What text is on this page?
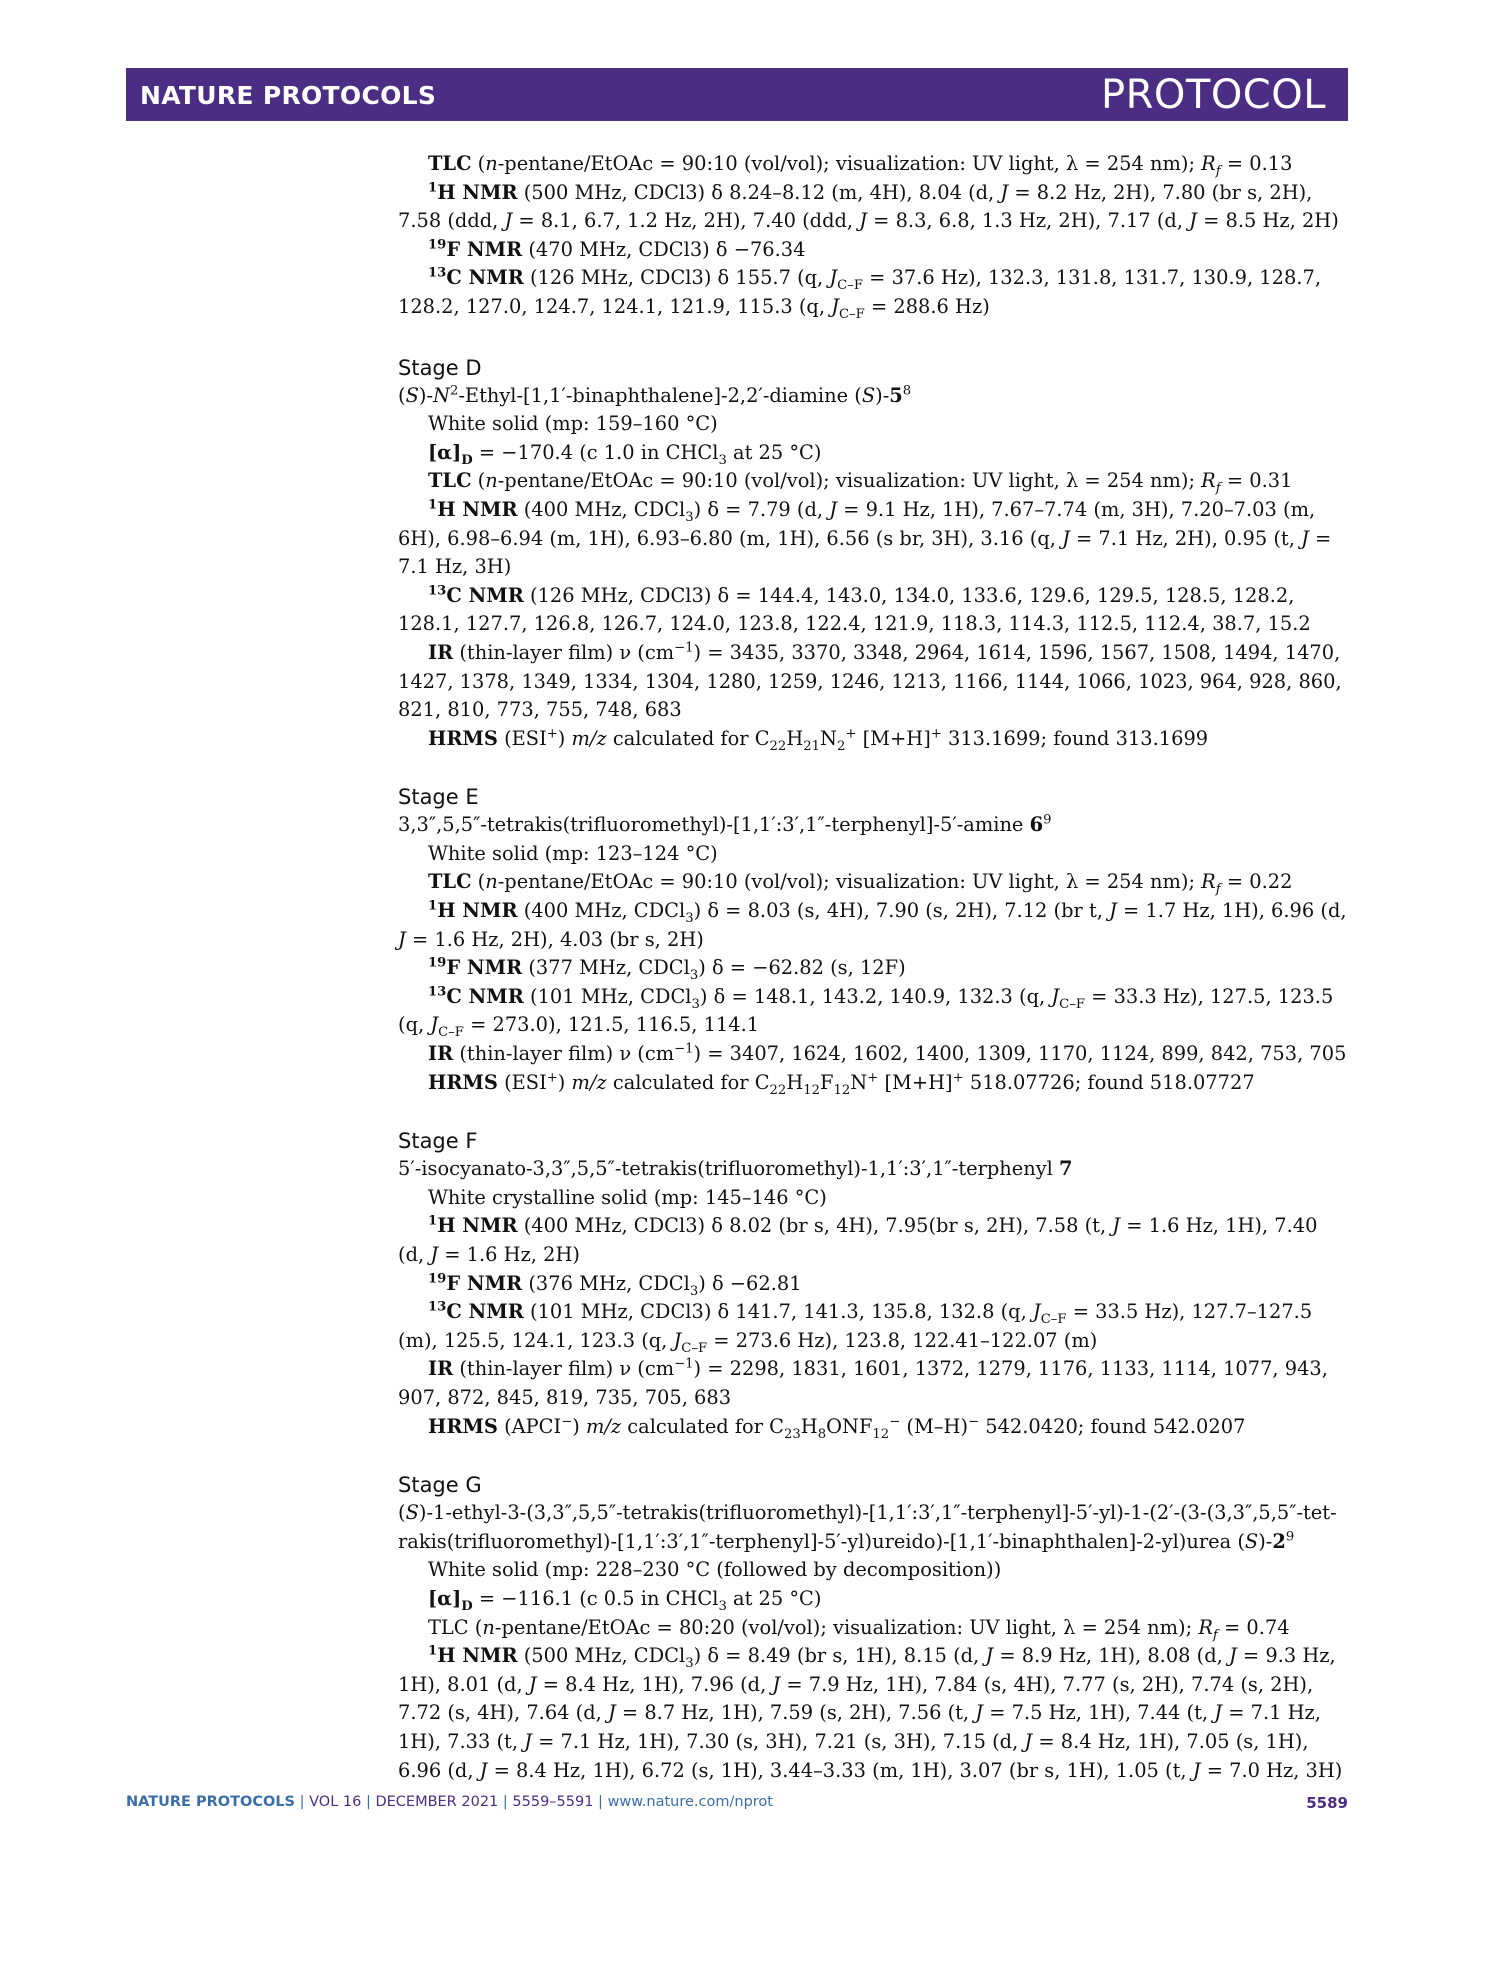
NATURE PROTOCOLS	PROTOCOL

TLC (n-pentane/EtOAc = 90:10 (vol/vol); visualization: UV light, λ = 254 nm); $R_f = 0.13$

$^1$H NMR (500 MHz, CDCl3) δ 8.24–8.12 (m, 4H), 8.04 (d, J = 8.2 Hz, 2H), 7.80 (br s, 2H), 7.58 (ddd, J = 8.1, 6.7, 1.2 Hz, 2H), 7.40 (ddd, J = 8.3, 6.8, 1.3 Hz, 2H), 7.17 (d, J = 8.5 Hz, 2H)

$^{19}$F NMR (470 MHz, CDCl3) δ −76.34

$^{13}$C NMR (126 MHz, CDCl3) δ 155.7 (q, $J_{C-F} = 37.6$ Hz), 132.3, 131.8, 131.7, 130.9, 128.7, 128.2, 127.0, 124.7, 124.1, 121.9, 115.3 (q, $J_{C-F} = 288.6$ Hz)

Stage D

$(S)-N^2-Ethyl-[1,1'-binaphthalene]-2,2'$-diamine $(S)-5^8$

White solid (mp: 159–160 °C)

$[\alpha]_D = -170.4$ (c 1.0 in CHCl$_3$ at 25 °C)

TLC (n-pentane/EtOAc = 90:10 (vol/vol); visualization: UV light, λ = 254 nm); $R_f = 0.31$

$^1$H NMR (400 MHz, CDCl$_3$) δ = 7.79 (d, J = 9.1 Hz, 1H), 7.67–7.74 (m, 3H), 7.20–7.03 (m, 6H), 6.98–6.94 (m, 1H), 6.93–6.80 (m, 1H), 6.56 (s br, 3H), 3.16 (q, J = 7.1 Hz, 2H), 0.95 (t, J = 7.1 Hz, 3H)

$^{13}$C NMR (126 MHz, CDCl3) δ = 144.4, 143.0, 134.0, 133.6, 129.6, 129.5, 128.5, 128.2, 128.1, 127.7, 126.8, 126.7, 124.0, 123.8, 122.4, 121.9, 118.3, 114.3, 112.5, 112.4, 38.7, 15.2

IR (thin-layer film) ν $(cm^{-1}) = 3435$, 3370, 3348, 2964, 1614, 1596, 1567, 1508, 1494, 1470, 1427, 1378, 1349, 1334, 1304, 1280, 1259, 1246, 1213, 1166, 1144, 1066, 1023, 964, 928, 860, 821, 810, 773, 755, 748, 683

HRMS (ESI+) m/z calculated for $C_{22}H_{21}N_2^+$ [M+H]+ 313.1699; found 313.1699

Stage E

3,3″,5,5″-tetrakis(trifluoromethyl)-[1,1′:3′,1″-terphenyl]-5′-amine $6^9$

White solid (mp: 123–124 °C)

TLC (n-pentane/EtOAc = 90:10 (vol/vol); visualization: UV light, λ = 254 nm); $R_f = 0.22$

$^1$H NMR (400 MHz, CDCl$_3$) δ = 8.03 (s, 4H), 7.90 (s, 2H), 7.12 (br t, J = 1.7 Hz, 1H), 6.96 (d, J = 1.6 Hz, 2H), 4.03 (br s, 2H)

$^{19}$F NMR (377 MHz, CDCl$_3$) δ = −62.82 (s, 12F)

$^{13}$C NMR (101 MHz, CDCl$_3$) δ = 148.1, 143.2, 140.9, 132.3 (q, $J_{C-F} = 33.3$ Hz), 127.5, 123.5 (q, $J_{C-F} = 273.0$), 121.5, 116.5, 114.1

IR (thin-layer film) ν $(cm^{-1}) = 3407$, 1624, 1602, 1400, 1309, 1170, 1124, 899, 842, 753, 705

HRMS (ESI+) m/z calculated for $C_{22}H_{12}F_{12}N^+$ [M+H]+ 518.07726; found 518.07727

Stage F

5′-isocyanato-3,3″,5,5″-tetrakis(trifluoromethyl)-1,1′:3′,1″-terphenyl 7

White crystalline solid (mp: 145–146 °C)

$^1$H NMR (400 MHz, CDCl3) δ 8.02 (br s, 4H), 7.95(br s, 2H), 7.58 (t, J = 1.6 Hz, 1H), 7.40 (d, J = 1.6 Hz, 2H)

$^{19}$F NMR (376 MHz, CDCl$_3$) δ −62.81

$^{13}$C NMR (101 MHz, CDCl3) δ 141.7, 141.3, 135.8, 132.8 (q, $J_{C-F} = 33.5$ Hz), 127.7–127.5 (m), 125.5, 124.1, 123.3 (q, $J_{C-F} = 273.6$ Hz), 123.8, 122.41–122.07 (m)

IR (thin-layer film) ν $(cm^{-1}) = 2298$, 1831, 1601, 1372, 1279, 1176, 1133, 1114, 1077, 943, 907, 872, 845, 819, 735, 705, 683

HRMS (APCI−) m/z calculated for $C_{23}H_8ONF_{12}^-$ (M–H)− 542.0420; found 542.0207

Stage G

(S)-1-ethyl-3-(3,3″,5,5″-tetrakis(trifluoromethyl)-[1,1′:3′,1″-terphenyl]-5′-yl)-1-(2′-(3-(3,3″,5,5″-tet-rakis(trifluoromethyl)-[1,1′:3′,1″-terphenyl]-5′-yl)ureido)-[1,1′-binaphthalen]-2-yl)urea $(S)-2^9$

White solid (mp: 228–230 °C (followed by decomposition))

$[\alpha]_D = -116.1$ (c 0.5 in CHCl$_3$ at 25 °C)

TLC (n-pentane/EtOAc = 80:20 (vol/vol); visualization: UV light, λ = 254 nm); $R_f = 0.74$

$^1$H NMR (500 MHz, CDCl$_3$) δ = 8.49 (br s, 1H), 8.15 (d, J = 8.9 Hz, 1H), 8.08 (d, J = 9.3 Hz, 1H), 8.01 (d, J = 8.4 Hz, 1H), 7.96 (d, J = 7.9 Hz, 1H), 7.84 (s, 4H), 7.77 (s, 2H), 7.74 (s, 2H), 7.72 (s, 4H), 7.64 (d, J = 8.7 Hz, 1H), 7.59 (s, 2H), 7.56 (t, J = 7.5 Hz, 1H), 7.44 (t, J = 7.1 Hz, 1H), 7.33 (t, J = 7.1 Hz, 1H), 7.30 (s, 3H), 7.21 (s, 3H), 7.15 (d, J = 8.4 Hz, 1H), 7.05 (s, 1H), 6.96 (d, J = 8.4 Hz, 1H), 6.72 (s, 1H), 3.44–3.33 (m, 1H), 3.07 (br s, 1H), 1.05 (t, J = 7.0 Hz, 3H)

NATURE PROTOCOLS | VOL 16 | DECEMBER 2021 | 5559–5591 | www.nature.com/nprot	5589
